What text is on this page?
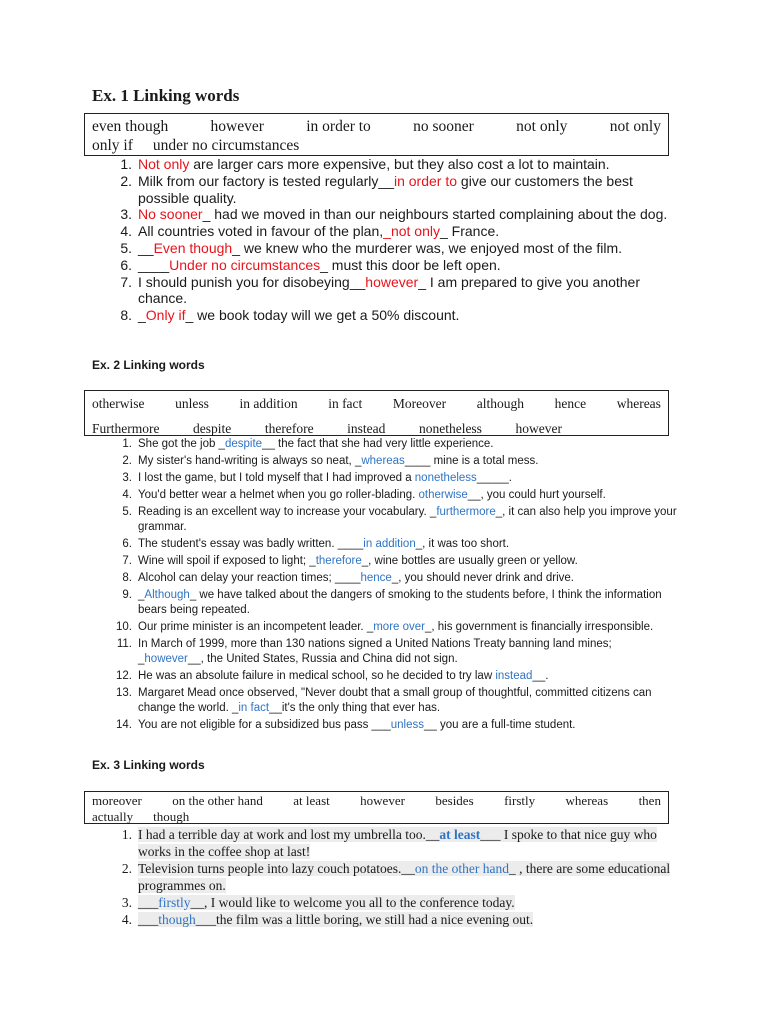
Ex. 1 Linking words
even though	however	in order to	no sooner	not only	not only
only if under no circumstances
1. Not only are larger cars more expensive, but they also cost a lot to maintain.
2. Milk from our factory is tested regularly__in order to give our customers the best possible quality.
3. No sooner_ had we moved in than our neighbours started complaining about the dog.
4. All countries voted in favour of the plan,_not only_ France.
5. __Even though_ we knew who the murderer was, we enjoyed most of the film.
6. ____Under no circumstances_ must this door be left open.
7. I should punish you for disobeying__however_ I am prepared to give you another chance.
8. _Only if_ we book today will we get a 50% discount.
Ex. 2 Linking words
otherwise unless in addition in fact Moreover although hence whereas
Furthermore despite therefore instead nonetheless however
1. She got the job _despite__ the fact that she had very little experience.
2. My sister's hand-writing is always so neat, _whereas____ mine is a total mess.
3. I lost the game, but I told myself that I had improved a nonetheless_____.
4. You'd better wear a helmet when you go roller-blading. otherwise__, you could hurt yourself.
5. Reading is an excellent way to increase your vocabulary. _furthermore_, it can also help you improve your grammar.
6. The student's essay was badly written. ____in addition_, it was too short.
7. Wine will spoil if exposed to light; _therefore_, wine bottles are usually green or yellow.
8. Alcohol can delay your reaction times; ____hence_, you should never drink and drive.
9. _Although_ we have talked about the dangers of smoking to the students before, I think the information bears being repeated.
10. Our prime minister is an incompetent leader. _more over_, his government is financially irresponsible.
11. In March of 1999, more than 130 nations signed a United Nations Treaty banning land mines; _however__, the United States, Russia and China did not sign.
12. He was an absolute failure in medical school, so he decided to try law instead__.
13. Margaret Mead once observed, "Never doubt that a small group of thoughtful, committed citizens can change the world. _in fact__it's the only thing that ever has.
14. You are not eligible for a subsidized bus pass ___unless__ you are a full-time student.
Ex. 3 Linking words
moreover on the other hand at least however besides firstly whereas then
actually though
1. I had a terrible day at work and lost my umbrella too.__at least___ I spoke to that nice guy who works in the coffee shop at last!
2. Television turns people into lazy couch potatoes.__on the other hand_ , there are some educational programmes on.
3. ___firstly__, I would like to welcome you all to the conference today.
4. ___though___the film was a little boring, we still had a nice evening out.
